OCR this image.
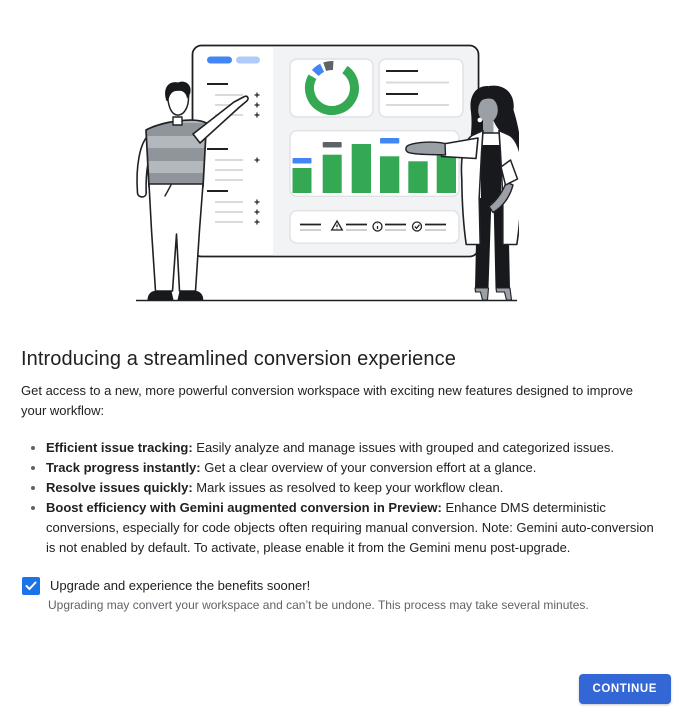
Introducing a streamlined conversion experience

Get access to a new, more powerful conversion workspace with exciting new features designed to improve your workflow:

Efficient issue tracking: Easily analyze and manage issues with grouped and categorized issues.
Track progress instantly: Get a clear overview of your conversion effort at a glance.
Resolve issues quickly: Mark issues as resolved to keep your workflow clean.
Boost efficiency with Gemini augmented conversion in Preview: Enhance DMS deterministic conversions, especially for code objects often requiring manual conversion. Note: Gemini auto-conversion is not enabled by default. To activate, please enable it from the Gemini menu post-upgrade.
Upgrade and experience the benefits sooner!
Upgrading may convert your workspace and can’t be undone. This process may take several minutes.
CONTINUE
